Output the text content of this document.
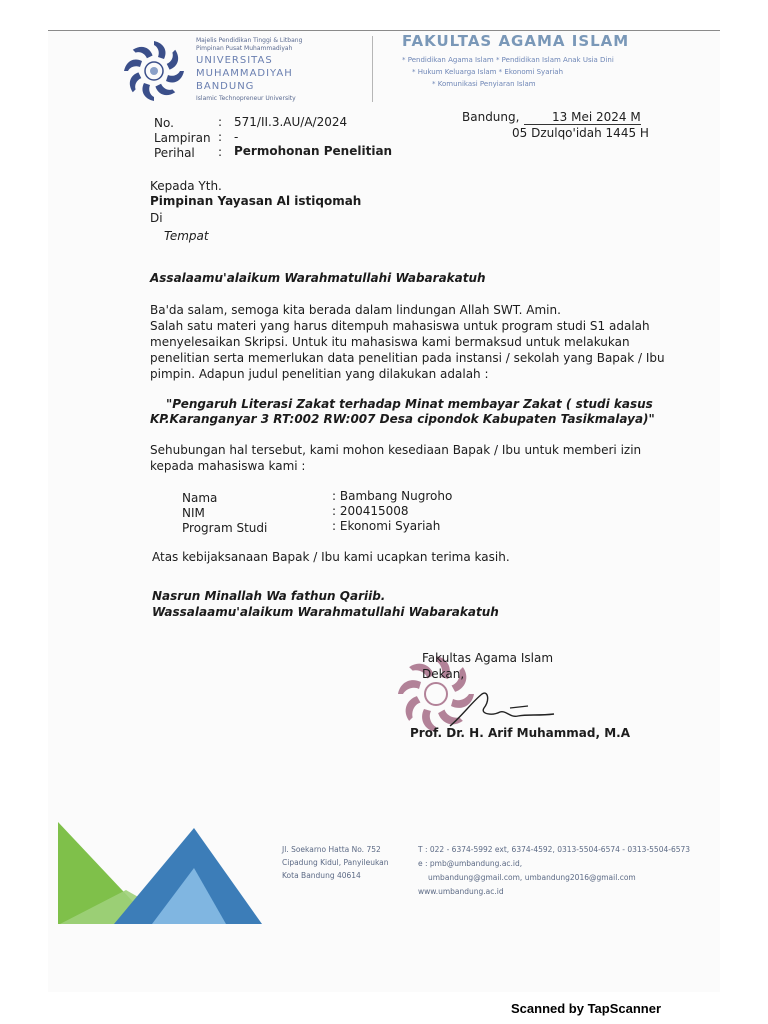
Majelis Pendidikan Tinggi & Litbang
Pimpinan Pusat Muhammadiyah
UNIVERSITAS
MUHAMMADIYAH
BANDUNG
Islamic Technopreneur University
FAKULTAS AGAMA ISLAM
* Pendidikan Agama Islam * Pendidikan Islam Anak Usia Dini
* Hukum Keluarga Islam * Ekonomi Syariah
* Komunikasi Penyiaran Islam
No.	: 571/II.3.AU/A/2024
Lampiran : -
Perihal : Permohonan Penelitian
Bandung,	13 Mei 2024 M
05 Dzulqo'idah 1445 H
Kepada Yth.
Pimpinan Yayasan Al istiqomah
Di
Tempat
Assalaamu'alaikum Warahmatullahi Wabarakatuh
Ba'da salam, semoga kita berada dalam lindungan Allah SWT. Amin.
Salah satu materi yang harus ditempuh mahasiswa untuk program studi S1 adalah
menyelesaikan Skripsi. Untuk itu mahasiswa kami bermaksud untuk melakukan
penelitian serta memerlukan data penelitian pada instansi / sekolah yang Bapak / Ibu
pimpin. Adapun judul penelitian yang dilakukan adalah :
"Pengaruh Literasi Zakat terhadap Minat membayar Zakat ( studi kasus
KP.Karanganyar 3 RT:002 RW:007 Desa cipondok Kabupaten Tasikmalaya)"
Sehubungan hal tersebut, kami mohon kesediaan Bapak / Ibu untuk memberi izin
kepada mahasiswa kami :
Nama	: Bambang Nugroho
NIM	: 200415008
Program Studi	: Ekonomi Syariah
Atas kebijaksanaan Bapak / Ibu kami ucapkan terima kasih.
Nasrun Minallah Wa fathun Qariib.
Wassalaamu'alaikum Warahmatullahi Wabarakatuh
Fakultas Agama Islam
Dekan,
Prof. Dr. H. Arif Muhammad, M.A
Jl. Soekarno Hatta No. 752
Cipadung Kidul, Panyileukan
Kota Bandung 40614
T : 022 - 6374-5992 ext, 6374-4592, 0313-5504-6574 - 0313-5504-6573
e : pmb@umbandung.ac.id,
umbandung@gmail.com, umbandung2016@gmail.com
www.umbandung.ac.id
Scanned by TapScanner
